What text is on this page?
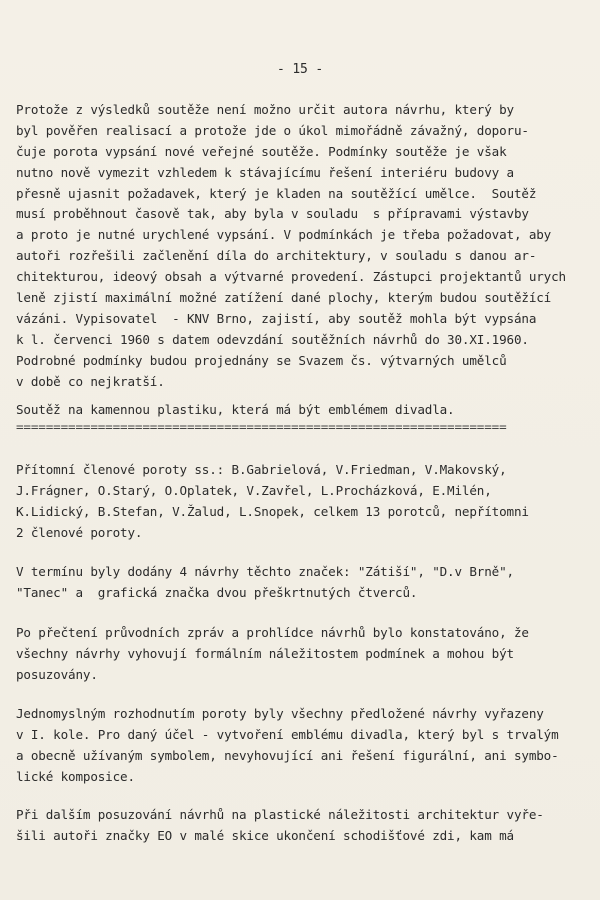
- 15 -
Protože z výsledků soutěže není možno určit autora návrhu, který by
byl pověřen realisací a protože jde o úkol mimořádně závažný, doporu-
čuje porota vypsání nové veřejné soutěže. Podmínky soutěže je však
nutno nově vymezit vzhledem k stávajícímu řešení interiéru budovy a
přesně ujasnit požadavek, který je kladen na soutěžící umělce.  Soutěž
musí proběhnout časově tak, aby byla v souladu  s přípravami výstavby
a proto je nutné urychlené vypsání. V podmínkách je třeba požadovat, aby
autoři rozřešili začlenění díla do architektury, v souladu s danou ar-
chitekturou, ideový obsah a výtvarné provedení. Zástupci projektantů urych
leně zjistí maximální možné zatížení dané plochy, kterým budou soutěžící
vázáni. Vypisovatel  - KNV Brno, zajistí, aby soutěž mohla být vypsána
k l. červenci 1960 s datem odevzdání soutěžních návrhů do 30.XI.1960.
Podrobné podmínky budou projednány se Svazem čs. výtvarných umělců
v době co nejkratší.
Soutěž na kamennou plastiku, která má být emblémem divadla.
==================================================================
Přítomní členové poroty ss.: B.Gabrielová, V.Friedman, V.Makovský,
J.Frágner, O.Starý, O.Oplatek, V.Zavřel, L.Procházková, E.Milén,
K.Lidický, B.Stefan, V.Žalud, L.Snopek, celkem 13 porotců, nepřítomni
2 členové poroty.
V termínu byly dodány 4 návrhy těchto značek: "Zátiší", "D.v Brně",
"Tanec" a  grafická značka dvou přeškrtnutých čtverců.
Po přečtení průvodních zpráv a prohlídce návrhů bylo konstatováno, že
všechny návrhy vyhovují formálním náležitostem podmínek a mohou být
posuzovány.
Jednomyslným rozhodnutím poroty byly všechny předložené návrhy vyřazeny
v I. kole. Pro daný účel - vytvoření emblému divadla, který byl s trvalým
a obecně užívaným symbolem, nevyhovující ani řešení figurální, ani symbo-
lické komposice.
Při dalším posuzování návrhů na plastické náležitosti architektur vyře-
šili autoři značky EO v malé skice ukončení schodišťové zdi, kam má
